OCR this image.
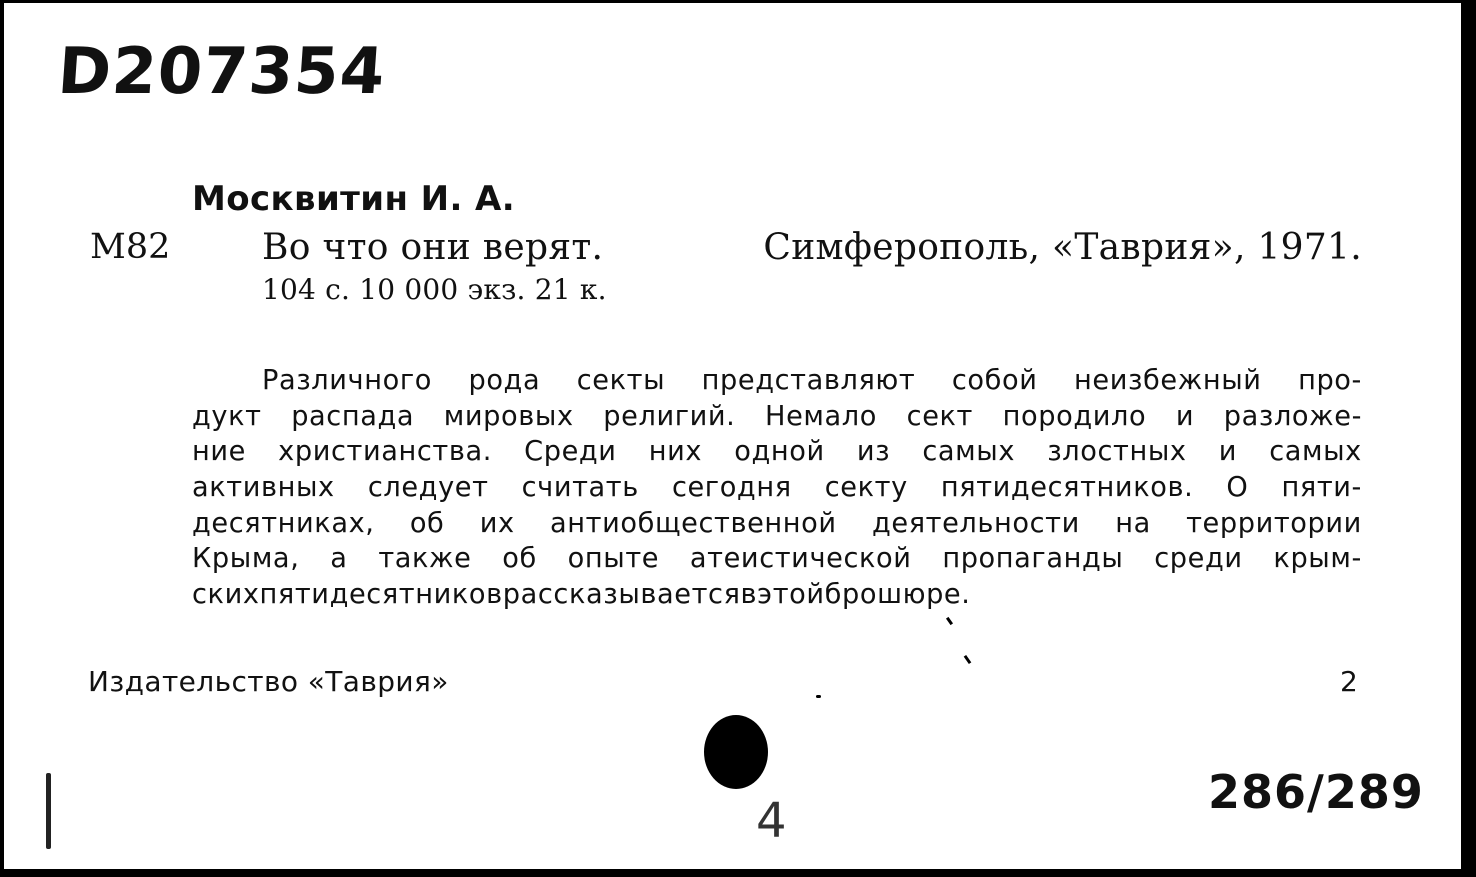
D207354
Москвитин И. А.
М82	Во что они верят.	Симферополь, «Таврия», 1971.
104 с. 10 000 экз. 21 к.
Различного рода секты представляют собой неизбежный про-
дукт распада мировых религий. Немало сект породило и разложе-
ние христианства. Среди них одной из самых злостных и самых
активных следует считать сегодня секту пятидесятников. О пяти-
десятниках, об их антиобщественной деятельности на территории
Крыма, а также об опыте атеистической пропаганды среди крым-
ских пятидесятников рассказывается в этой брошюре.
Издательство «Таврия»	2
4
286/289
